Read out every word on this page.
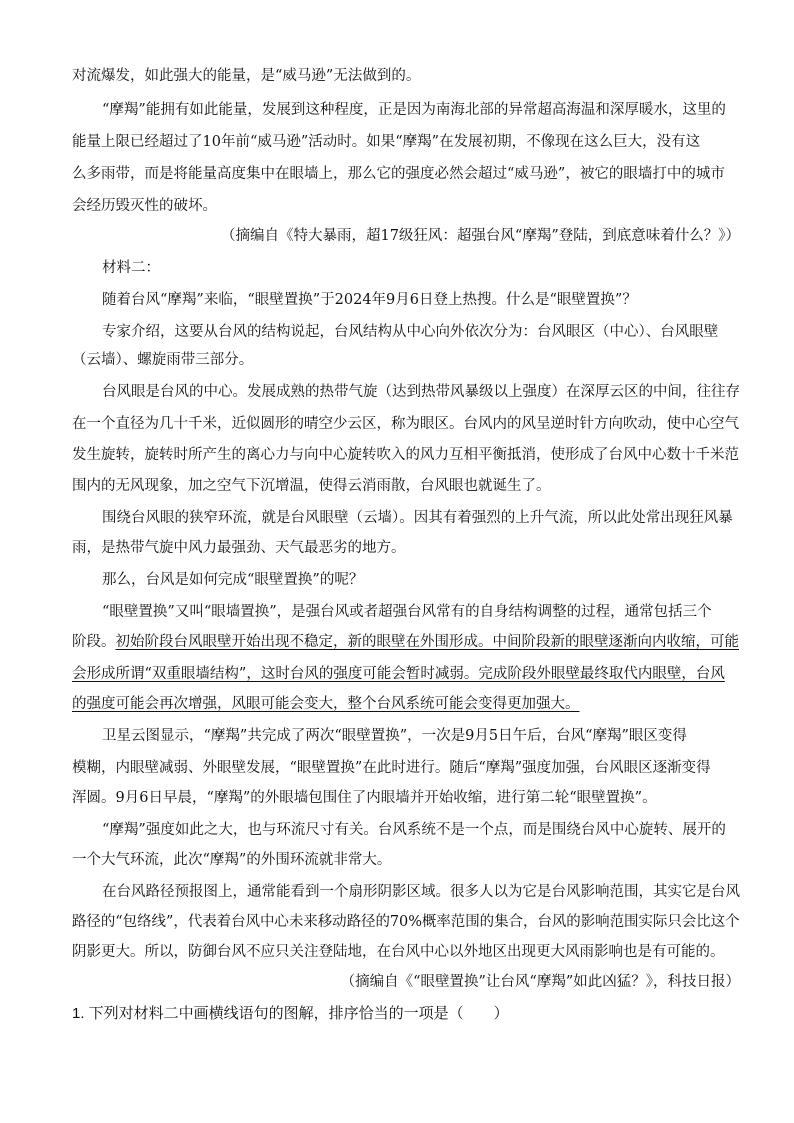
对流爆发，如此强大的能量，是“威马逊”无法做到的。
“摩羯”能拥有如此能量，发展到这种程度，正是因为南海北部的异常超高海温和深厚暖水，这里的
能量上限已经超过了10年前“威马逊”活动时。如果“摩羯”在发展初期，不像现在这么巨大，没有这
么多雨带，而是将能量高度集中在眼墙上，那么它的强度必然会超过“威马逊”，被它的眼墙打中的城市
会经历毁灭性的破坏。
（摘编自《特大暴雨，超17级狂风：超强台风“摩羯”登陆，到底意味着什么？》）
材料二：
随着台风“摩羯”来临，“眼壁置换”于2024年9月6日登上热搜。什么是“眼壁置换”？
专家介绍，这要从台风的结构说起，台风结构从中心向外依次分为：台风眼区（中心）、台风眼壁
（云墙）、螺旋雨带三部分。
台风眼是台风的中心。发展成熟的热带气旋（达到热带风暴级以上强度）在深厚云区的中间，往往存
在一个直径为几十千米，近似圆形的晴空少云区，称为眼区。台风内的风呈逆时针方向吹动，使中心空气
发生旋转，旋转时所产生的离心力与向中心旋转吹入的风力互相平衡抵消，使形成了台风中心数十千米范
围内的无风现象，加之空气下沉增温，使得云消雨散，台风眼也就诞生了。
围绕台风眼的狭窄环流，就是台风眼壁（云墙）。因其有着强烈的上升气流，所以此处常出现狂风暴
雨，是热带气旋中风力最强劲、天气最恶劣的地方。
那么，台风是如何完成“眼壁置换”的呢？
“眼壁置换”又叫“眼墙置换”，是强台风或者超强台风常有的自身结构调整的过程，通常包括三个
阶段。初始阶段台风眼壁开始出现不稳定，新的眼壁在外围形成。中间阶段新的眼壁逐渐向内收缩，可能
会形成所谓“双重眼墙结构”，这时台风的强度可能会暂时减弱。完成阶段外眼壁最终取代内眼壁，台风
的强度可能会再次增强，风眼可能会变大，整个台风系统可能会变得更加强大。
卫星云图显示，“摩羯”共完成了两次“眼壁置换”，一次是9月5日午后，台风“摩羯”眼区变得
模糊，内眼壁减弱、外眼壁发展，“眼壁置换”在此时进行。随后“摩羯”强度加强，台风眼区逐渐变得
浑圆。9月6日早晨，“摩羯”的外眼墙包围住了内眼墙并开始收缩，进行第二轮“眼壁置换”。
“摩羯”强度如此之大，也与环流尺寸有关。台风系统不是一个点，而是围绕台风中心旋转、展开的
一个大气环流，此次“摩羯”的外围环流就非常大。
在台风路径预报图上，通常能看到一个扇形阴影区域。很多人以为它是台风影响范围，其实它是台风
路径的“包络线”，代表着台风中心未来移动路径的70%概率范围的集合，台风的影响范围实际只会比这个
阴影更大。所以，防御台风不应只关注登陆地，在台风中心以外地区出现更大风雨影响也是有可能的。
（摘编自《“眼壁置换”让台风“摩羯”如此凶猛？》，科技日报）
1. 下列对材料二中画横线语句的图解，排序恰当的一项是（　　）
